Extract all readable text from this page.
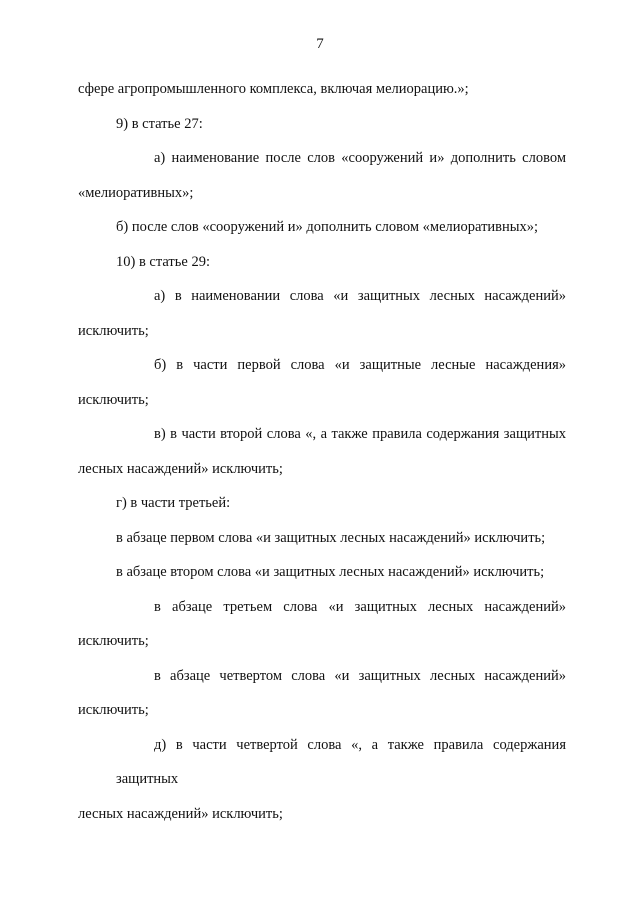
7

сфере агропромышленного комплекса, включая мелиорацию.»;

9) в статье 27:

а) наименование после слов «сооружений и» дополнить словом
«мелиоративных»;

б) после слов «сооружений и» дополнить словом «мелиоративных»;

10) в статье 29:

а) в наименовании слова «и защитных лесных насаждений»
исключить;

б) в части первой слова «и защитные лесные насаждения»
исключить;

в) в части второй слова «, а также правила содержания защитных
лесных насаждений» исключить;

г) в части третьей:

в абзаце первом слова «и защитных лесных насаждений» исключить;

в абзаце втором слова «и защитных лесных насаждений» исключить;

в абзаце третьем слова «и защитных лесных насаждений»
исключить;

в абзаце четвертом слова «и защитных лесных насаждений»
исключить;

д) в части четвертой слова «, а также правила содержания защитных
лесных насаждений» исключить;
